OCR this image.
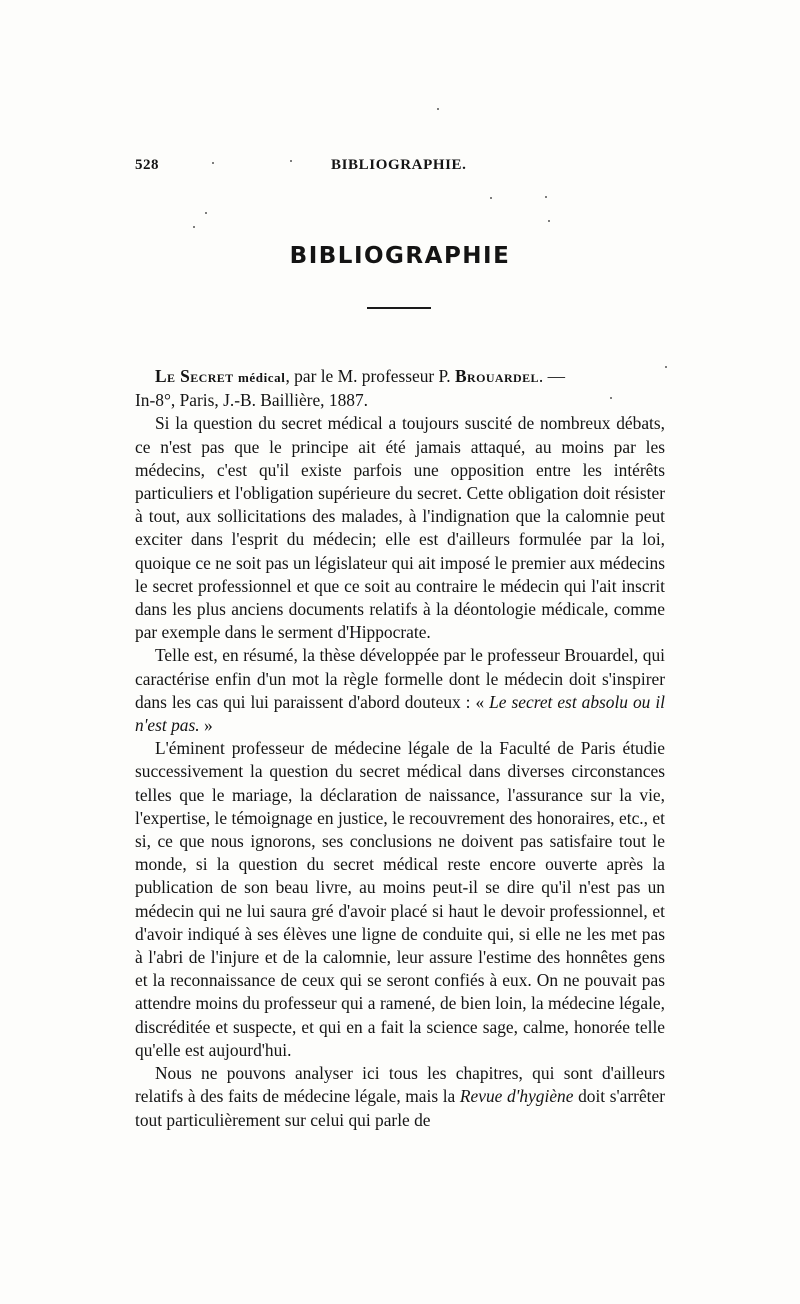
528	BIBLIOGRAPHIE.
BIBLIOGRAPHIE
Le Secret médical, par le M. professeur P. Brouardel. —
In-8°, Paris, J.-B. Baillière, 1887.

Si la question du secret médical a toujours suscité de nombreux débats, ce n'est pas que le principe ait été jamais attaqué, au moins par les médecins, c'est qu'il existe parfois une opposition entre les intérêts particuliers et l'obligation supérieure du secret. Cette obligation doit résister à tout, aux sollicitations des malades, à l'indignation que la calomnie peut exciter dans l'esprit du médecin; elle est d'ailleurs formulée par la loi, quoique ce ne soit pas un législateur qui ait imposé le premier aux médecins le secret professionnel et que ce soit au contraire le médecin qui l'ait inscrit dans les plus anciens documents relatifs à la déontologie médicale, comme par exemple dans le serment d'Hippocrate.

Telle est, en résumé, la thèse développée par le professeur Brouardel, qui caractérise enfin d'un mot la règle formelle dont le médecin doit s'inspirer dans les cas qui lui paraissent d'abord douteux : « Le secret est absolu ou il n'est pas. »

L'éminent professeur de médecine légale de la Faculté de Paris étudie successivement la question du secret médical dans diverses circonstances telles que le mariage, la déclaration de naissance, l'assurance sur la vie, l'expertise, le témoignage en justice, le recouvrement des honoraires, etc., et si, ce que nous ignorons, ses conclusions ne doivent pas satisfaire tout le monde, si la question du secret médical reste encore ouverte après la publication de son beau livre, au moins peut-il se dire qu'il n'est pas un médecin qui ne lui saura gré d'avoir placé si haut le devoir professionnel, et d'avoir indiqué à ses élèves une ligne de conduite qui, si elle ne les met pas à l'abri de l'injure et de la calomnie, leur assure l'estime des honnêtes gens et la reconnaissance de ceux qui se seront confiés à eux. On ne pouvait pas attendre moins du professeur qui a ramené, de bien loin, la médecine légale, discréditée et suspecte, et qui en a fait la science sage, calme, honorée telle qu'elle est aujourd'hui.

Nous ne pouvons analyser ici tous les chapitres, qui sont d'ailleurs relatifs à des faits de médecine légale, mais la Revue d'hygiène doit s'arrêter tout particulièrement sur celui qui parle de
